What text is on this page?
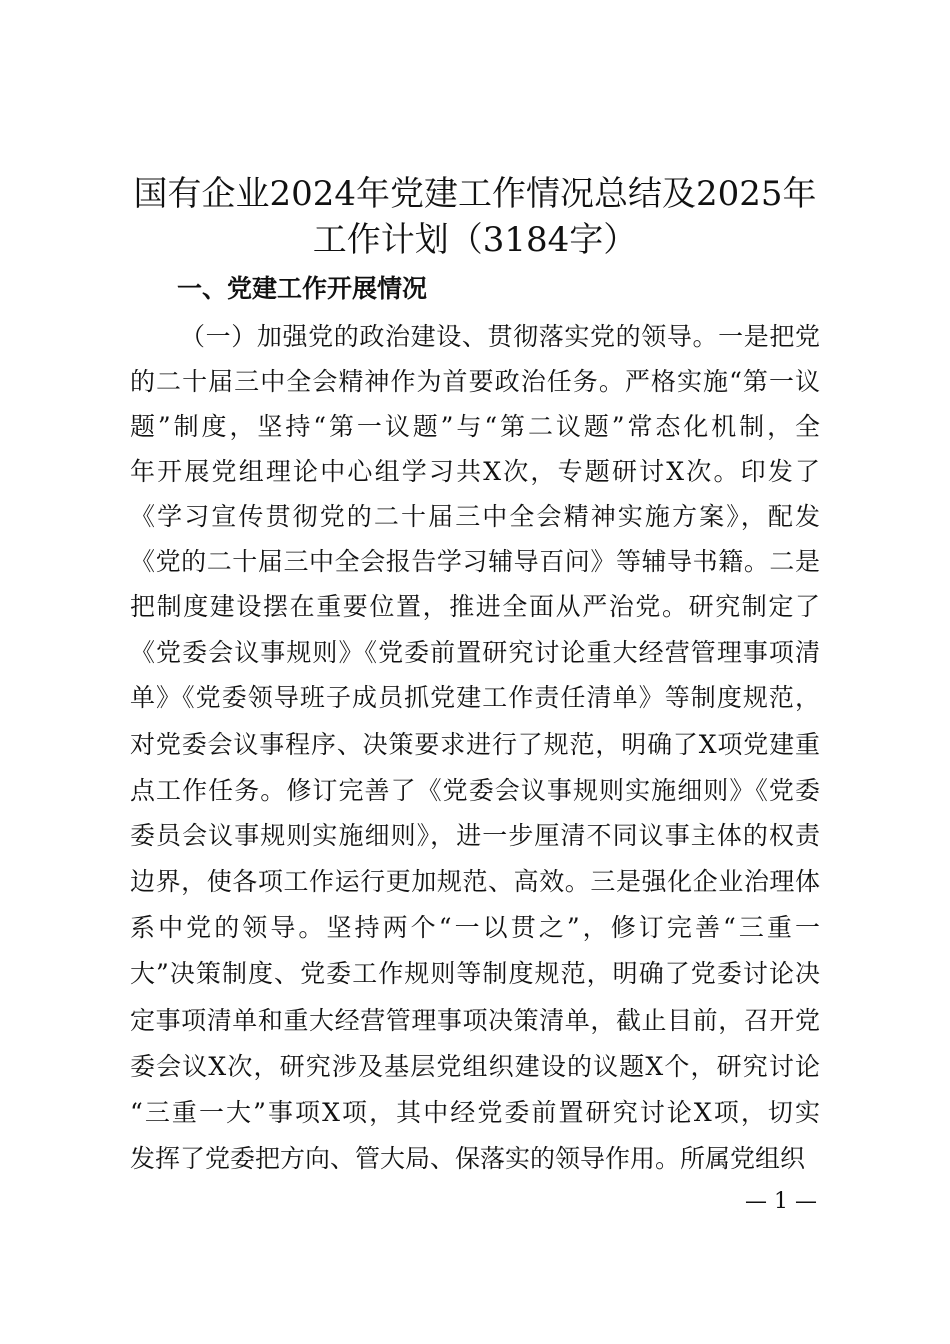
国有企业2024年党建工作情况总结及2025年
工作计划（3184字）
一、党建工作开展情况
（一）加强党的政治建设、贯彻落实党的领导。一是把党
的二十届三中全会精神作为首要政治任务。严格实施“第一议
题”制度，坚持“第一议题”与“第二议题”常态化机制，全
年开展党组理论中心组学习共X次，专题研讨X次。印发了
《学习宣传贯彻党的二十届三中全会精神实施方案》，配发
《党的二十届三中全会报告学习辅导百问》等辅导书籍。二是
把制度建设摆在重要位置，推进全面从严治党。研究制定了
《党委会议事规则》《党委前置研究讨论重大经营管理事项清
单》《党委领导班子成员抓党建工作责任清单》等制度规范，
对党委会议事程序、决策要求进行了规范，明确了X项党建重
点工作任务。修订完善了《党委会议事规则实施细则》《党委
委员会议事规则实施细则》，进一步厘清不同议事主体的权责
边界，使各项工作运行更加规范、高效。三是强化企业治理体
系中党的领导。坚持两个“一以贯之”，修订完善“三重一
大”决策制度、党委工作规则等制度规范，明确了党委讨论决
定事项清单和重大经营管理事项决策清单，截止目前，召开党
委会议X次，研究涉及基层党组织建设的议题X个，研究讨论
“三重一大”事项X项，其中经党委前置研究讨论X项，切实
发挥了党委把方向、管大局、保落实的领导作用。所属党组织
— 1 —
